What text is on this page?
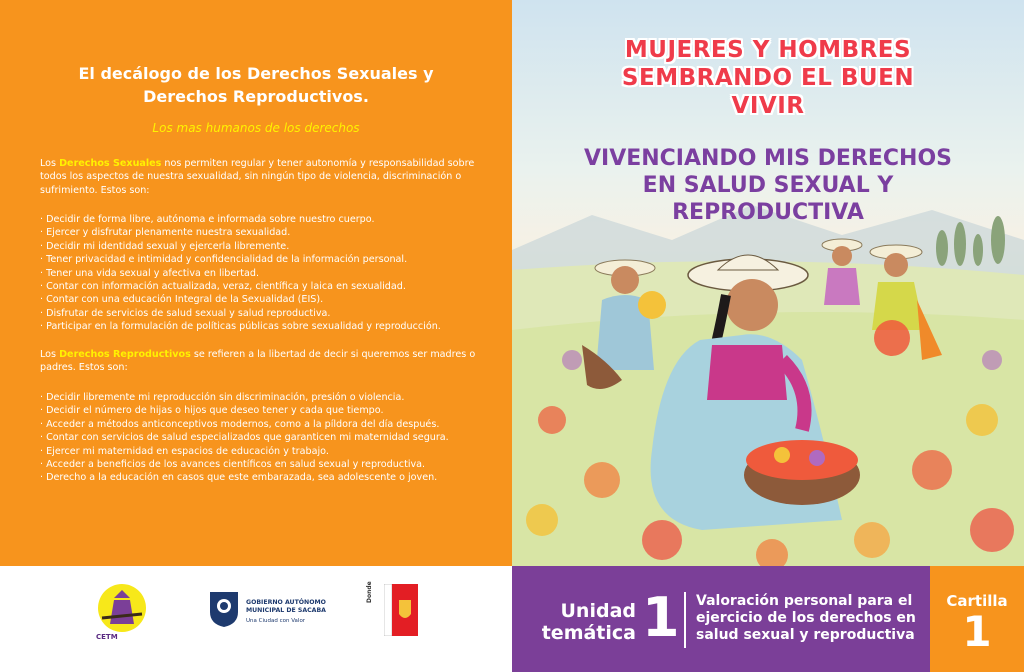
El decálogo de los Derechos Sexuales y Derechos Reproductivos.
Los mas humanos de los derechos

Los Derechos Sexuales nos permiten regular y tener autonomía y responsabilidad sobre todos los aspectos de nuestra sexualidad, sin ningún tipo de violencia, discriminación o sufrimiento. Estos son:

· Decidir de forma libre, autónoma e informada sobre nuestro cuerpo.
· Ejercer y disfrutar plenamente nuestra sexualidad.
· Decidir mi identidad sexual y ejercerla libremente.
· Tener privacidad e intimidad y confidencialidad de la información personal.
· Tener una vida sexual y afectiva en libertad.
· Contar con información actualizada, veraz, científica y laica en sexualidad.
· Contar con una educación Integral de la Sexualidad (EIS).
· Disfrutar de servicios de salud sexual y salud reproductiva.
· Participar en la formulación de políticas públicas sobre sexualidad y reproducción.

Los Derechos Reproductivos se refieren a la libertad de decir si queremos ser madres o padres. Estos son:

· Decidir libremente mi reproducción sin discriminación, presión o violencia.
· Decidir el número de hijas o hijos que deseo tener y cada que tiempo.
· Acceder a métodos anticonceptivos modernos, como a la píldora del día después.
· Contar con servicios de salud especializados que garanticen mi maternidad segura.
· Ejercer mi maternidad en espacios de educación y trabajo.
· Acceder a beneficios de los avances científicos en salud sexual y reproductiva.
· Derecho a la educación en casos que este embarazada, sea adolescente o joven.
MUJERES Y HOMBRES
SEMBRANDO EL BUEN
VIVIR
VIVENCIANDO MIS DERECHOS
EN SALUD SEXUAL Y
REPRODUCTIVA
CETM
GOBIERNO AUTÓNOMO
MUNICIPAL DE SACABA
Una Ciudad con Valor
Donde
Unidad
temática 1 Valoración personal para el ejercicio de los derechos en salud sexual y reproductiva
Cartilla
1
